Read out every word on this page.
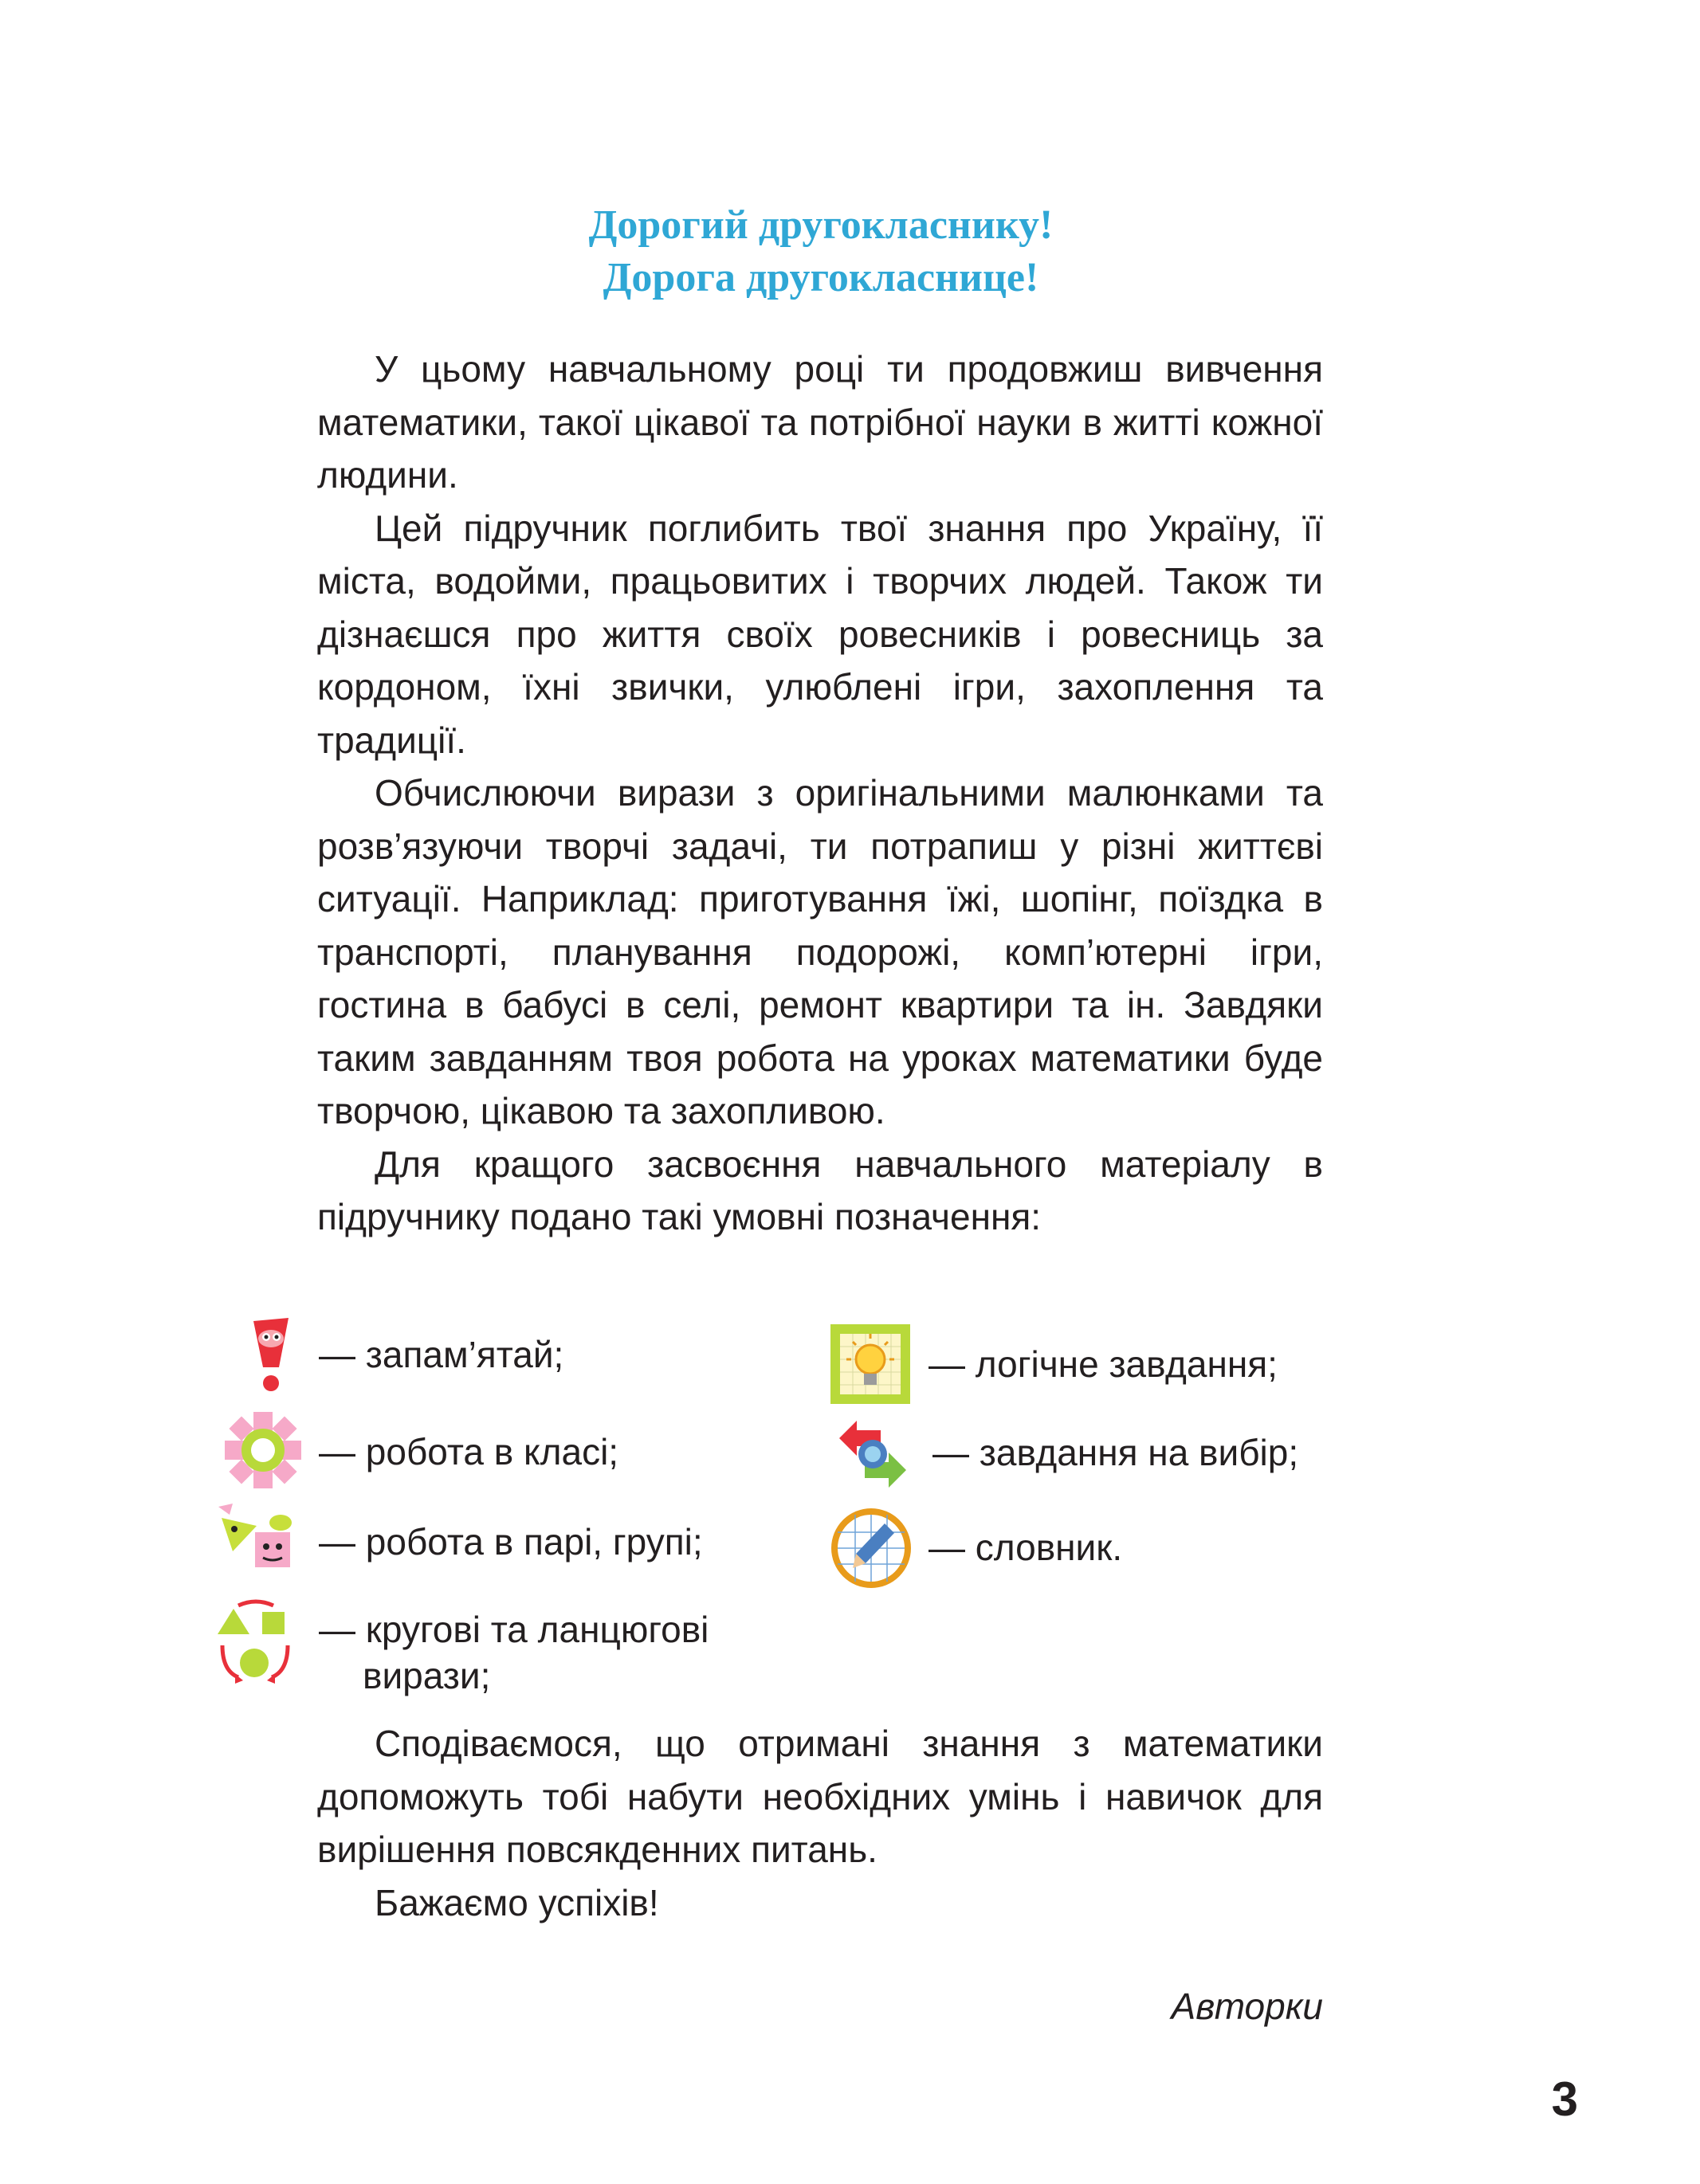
Дорогий другокласнику!
Дорога другокласнице!

У цьому навчальному році ти продовжиш вивчення математики, такої цікавої та потрібної науки в житті кожної людини.

Цей підручник поглибить твої знання про Україну, її міста, водойми, працьовитих і творчих людей. Також ти дізнаєшся про життя своїх ровесників і ровесниць за кордоном, їхні звички, улюблені ігри, захоплення та традиції.

Обчислюючи вирази з оригінальними малюнками та розв’язуючи творчі задачі, ти потрапиш у різні життєві ситуації. Наприклад: приготування їжі, шопінг, поїздка в транспорті, планування подорожі, комп’ютерні ігри, гостина в бабусі в селі, ремонт квартири та ін. Завдяки таким завданням твоя робота на уроках математики буде творчою, цікавою та захопливою.

Для кращого засвоєння навчального матеріалу в підручнику подано такі умовні позначення:

— запам’ятай;
— робота в класі;
— робота в парі, групі;
— кругові та ланцюгові
вирази;
— логічне завдання;
— завдання на вибір;
— словник.

Сподіваємося, що отримані знання з математики допоможуть тобі набути необхідних умінь і навичок для вирішення повсякденних питань.

Бажаємо успіхів!

Авторки
3
